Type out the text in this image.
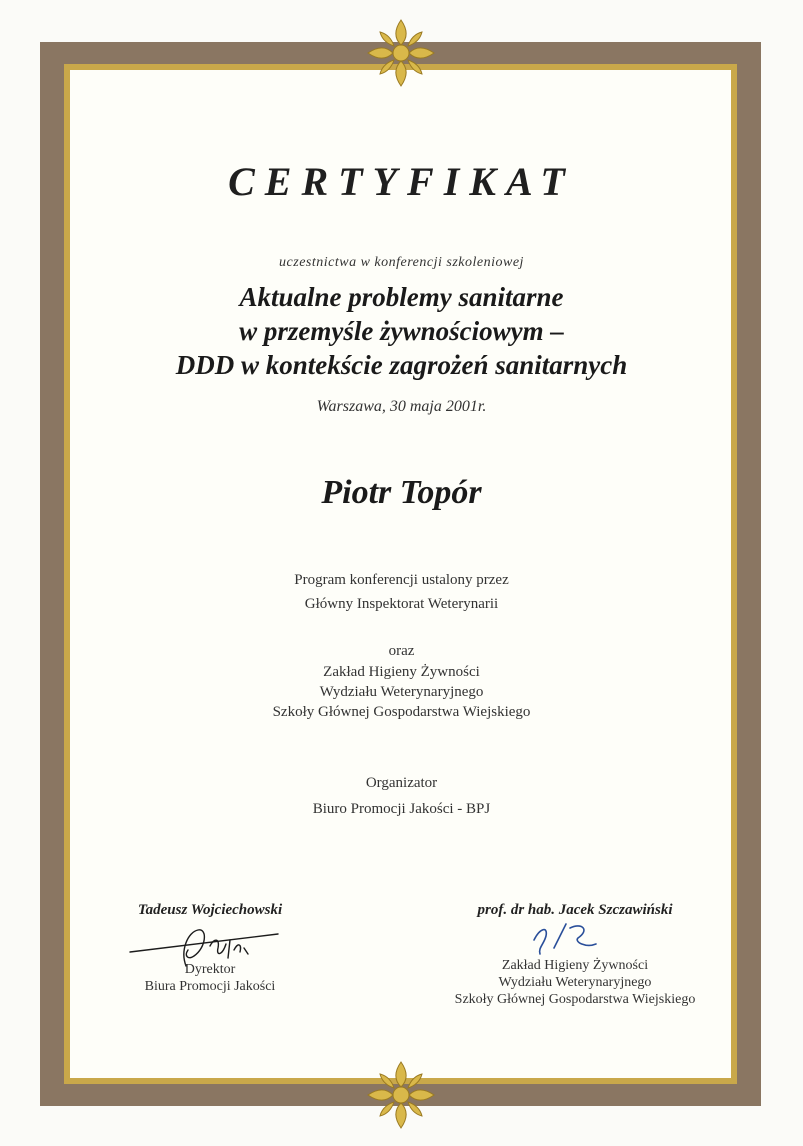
CERTYFIKAT
uczestnictwa w konferencji szkoleniowej
Aktualne problemy sanitarne
w przemyśle żywnościowym –
DDD w kontekście zagrożeń sanitarnych
Warszawa, 30 maja 2001r.
Piotr Topór
Program konferencji ustalony przez
Główny Inspektorat Weterynarii
oraz
Zakład Higieny Żywności
Wydziału Weterynaryjnego
Szkoły Głównej Gospodarstwa Wiejskiego
Organizator
Biuro Promocji Jakości - BPJ
Tadeusz Wojciechowski
Dyrektor
Biura Promocji Jakości
prof. dr hab. Jacek Szczawiński
Zakład Higieny Żywności
Wydziału Weterynaryjnego
Szkoły Głównej Gospodarstwa Wiejskiego
